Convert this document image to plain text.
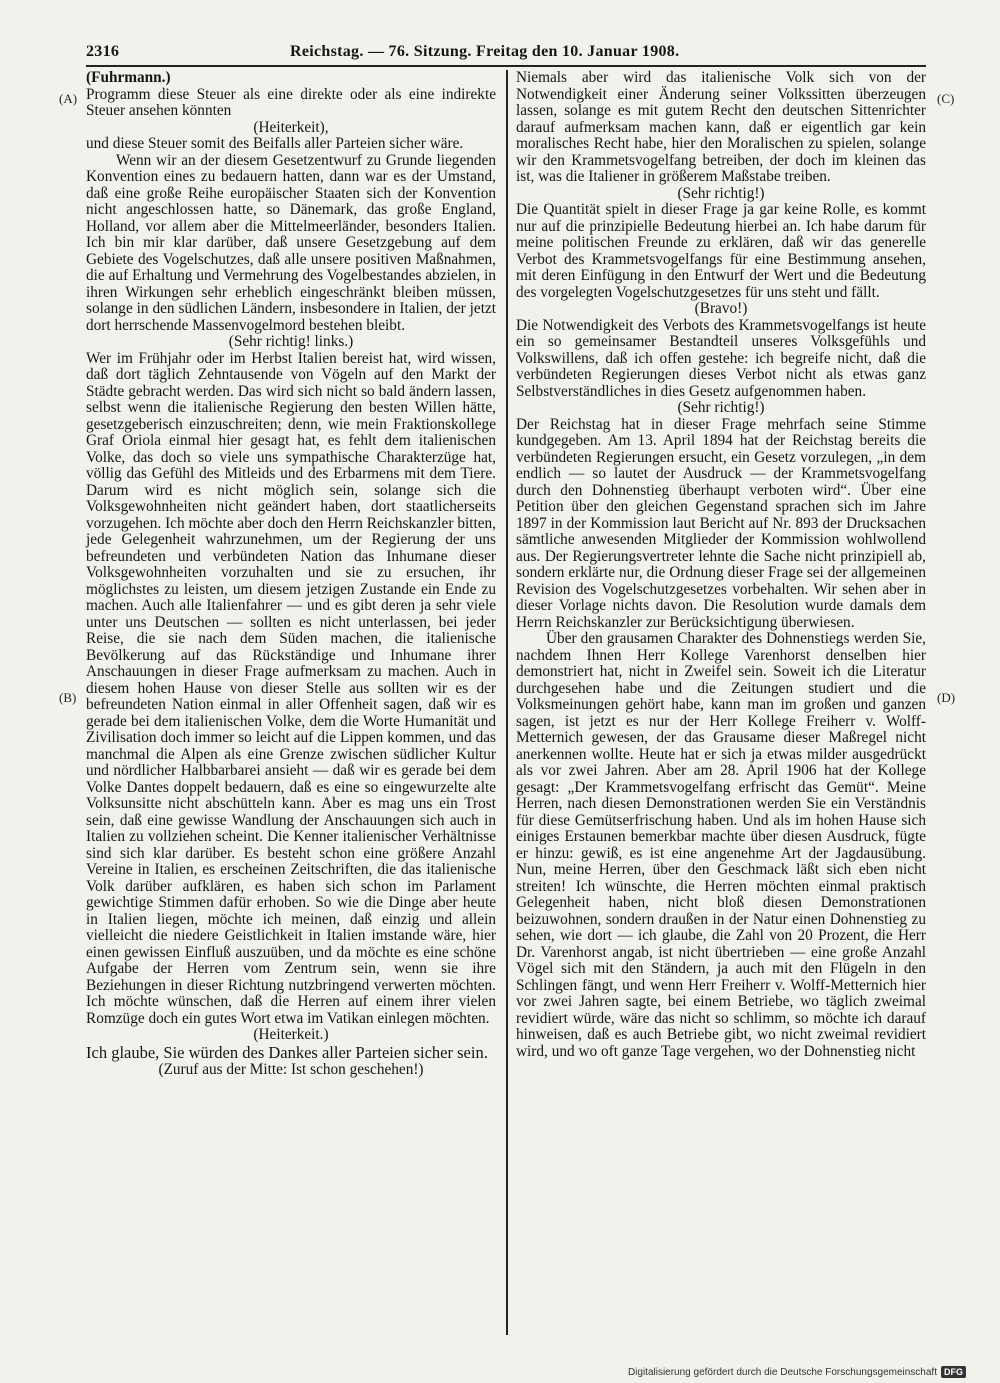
2316	Reichstag. — 76. Sitzung. Freitag den 10. Januar 1908.
(A)
(B)
(C)
(D)

(Fuhrmann.)

Programm diese Steuer als eine direkte oder als eine indirekte Steuer ansehen könnten

(Heiterkeit),

und diese Steuer somit des Beifalls aller Parteien sicher wäre.

Wenn wir an der diesem Gesetzentwurf zu Grunde liegenden Konvention eines zu bedauern hatten, dann war es der Umstand, daß eine große Reihe europäischer Staaten sich der Konvention nicht angeschlossen hatte, so Dänemark, das große England, Holland, vor allem aber die Mittelmeerländer, besonders Italien. Ich bin mir klar darüber, daß unsere Gesetzgebung auf dem Gebiete des Vogelschutzes, daß alle unsere positiven Maßnahmen, die auf Erhaltung und Vermehrung des Vogelbestandes abzielen, in ihren Wirkungen sehr erheblich eingeschränkt bleiben müssen, solange in den südlichen Ländern, insbesondere in Italien, der jetzt dort herrschende Massenvogelmord bestehen bleibt.

(Sehr richtig! links.)

Wer im Frühjahr oder im Herbst Italien bereist hat, wird wissen, daß dort täglich Zehntausende von Vögeln auf den Markt der Städte gebracht werden. Das wird sich nicht so bald ändern lassen, selbst wenn die italienische Regierung den besten Willen hätte, gesetzgeberisch einzuschreiten; denn, wie mein Fraktionskollege Graf Oriola einmal hier gesagt hat, es fehlt dem italienischen Volke, das doch so viele uns sympathische Charakterzüge hat, völlig das Gefühl des Mitleids und des Erbarmens mit dem Tiere. Darum wird es nicht möglich sein, solange sich die Volksgewohnheiten nicht geändert haben, dort staatlicherseits vorzugehen. Ich möchte aber doch den Herrn Reichskanzler bitten, jede Gelegenheit wahrzunehmen, um der Regierung der uns befreundeten und verbündeten Nation das Inhumane dieser Volksgewohnheiten vorzuhalten und sie zu ersuchen, ihr möglichstes zu leisten, um diesem jetzigen Zustande ein Ende zu machen. Auch alle Italienfahrer — und es gibt deren ja sehr viele unter uns Deutschen — sollten es nicht unterlassen, bei jeder Reise, die sie nach dem Süden machen, die italienische Bevölkerung auf das Rückständige und Inhumane ihrer Anschauungen in dieser Frage aufmerksam zu machen. Auch in diesem hohen Hause von dieser Stelle aus sollten wir es der befreundeten Nation einmal in aller Offenheit sagen, daß wir es gerade bei dem italienischen Volke, dem die Worte Humanität und Zivilisation doch immer so leicht auf die Lippen kommen, und das manchmal die Alpen als eine Grenze zwischen südlicher Kultur und nördlicher Halbbarbarei ansieht — daß wir es gerade bei dem Volke Dantes doppelt bedauern, daß es eine so eingewurzelte alte Volksunsitte nicht abschütteln kann. Aber es mag uns ein Trost sein, daß eine gewisse Wandlung der Anschauungen sich auch in Italien zu vollziehen scheint. Die Kenner italienischer Verhältnisse sind sich klar darüber. Es besteht schon eine größere Anzahl Vereine in Italien, es erscheinen Zeitschriften, die das italienische Volk darüber aufklären, es haben sich schon im Parlament gewichtige Stimmen dafür erhoben. So wie die Dinge aber heute in Italien liegen, möchte ich meinen, daß einzig und allein vielleicht die niedere Geistlichkeit in Italien imstande wäre, hier einen gewissen Einfluß auszuüben, und da möchte es eine schöne Aufgabe der Herren vom Zentrum sein, wenn sie ihre Beziehungen in dieser Richtung nutzbringend verwerten möchten. Ich möchte wünschen, daß die Herren auf einem ihrer vielen Romzüge doch ein gutes Wort etwa im Vatikan einlegen möchten.

(Heiterkeit.)

Ich glaube, Sie würden des Dankes aller Parteien sicher sein.

(Zuruf aus der Mitte: Ist schon geschehen!)

Niemals aber wird das italienische Volk sich von der Notwendigkeit einer Änderung seiner Volkssitten überzeugen lassen, solange es mit gutem Recht den deutschen Sittenrichter darauf aufmerksam machen kann, daß er eigentlich gar kein moralisches Recht habe, hier den Moralischen zu spielen, solange wir den Krammetsvogelfang betreiben, der doch im kleinen das ist, was die Italiener in größerem Maßstabe treiben.

(Sehr richtig!)

Die Quantität spielt in dieser Frage ja gar keine Rolle, es kommt nur auf die prinzipielle Bedeutung hierbei an. Ich habe darum für meine politischen Freunde zu erklären, daß wir das generelle Verbot des Krammetsvogelfangs für eine Bestimmung ansehen, mit deren Einfügung in den Entwurf der Wert und die Bedeutung des vorgelegten Vogelschutzgesetzes für uns steht und fällt.

(Bravo!)

Die Notwendigkeit des Verbots des Krammetsvogelfangs ist heute ein so gemeinsamer Bestandteil unseres Volksgefühls und Volkswillens, daß ich offen gestehe: ich begreife nicht, daß die verbündeten Regierungen dieses Verbot nicht als etwas ganz Selbstverständliches in dies Gesetz aufgenommen haben.

(Sehr richtig!)

Der Reichstag hat in dieser Frage mehrfach seine Stimme kundgegeben. Am 13. April 1894 hat der Reichstag bereits die verbündeten Regierungen ersucht, ein Gesetz vorzulegen, „in dem endlich — so lautet der Ausdruck — der Krammetsvogelfang durch den Dohnenstieg überhaupt verboten wird“. Über eine Petition über den gleichen Gegenstand sprachen sich im Jahre 1897 in der Kommission laut Bericht auf Nr. 893 der Drucksachen sämtliche anwesenden Mitglieder der Kommission wohlwollend aus. Der Regierungsvertreter lehnte die Sache nicht prinzipiell ab, sondern erklärte nur, die Ordnung dieser Frage sei der allgemeinen Revision des Vogelschutzgesetzes vorbehalten. Wir sehen aber in dieser Vorlage nichts davon. Die Resolution wurde damals dem Herrn Reichskanzler zur Berücksichtigung überwiesen.

Über den grausamen Charakter des Dohnenstiegs werden Sie, nachdem Ihnen Herr Kollege Varenhorst denselben hier demonstriert hat, nicht in Zweifel sein. Soweit ich die Literatur durchgesehen habe und die Zeitungen studiert und die Volksmeinungen gehört habe, kann man im großen und ganzen sagen, ist jetzt es nur der Herr Kollege Freiherr v. Wolff-Metternich gewesen, der das Grausame dieser Maßregel nicht anerkennen wollte. Heute hat er sich ja etwas milder ausgedrückt als vor zwei Jahren. Aber am 28. April 1906 hat der Kollege gesagt: „Der Krammetsvogelfang erfrischt das Gemüt“. Meine Herren, nach diesen Demonstrationen werden Sie ein Verständnis für diese Gemütserfrischung haben. Und als im hohen Hause sich einiges Erstaunen bemerkbar machte über diesen Ausdruck, fügte er hinzu: gewiß, es ist eine angenehme Art der Jagdausübung. Nun, meine Herren, über den Geschmack läßt sich eben nicht streiten! Ich wünschte, die Herren möchten einmal praktisch Gelegenheit haben, nicht bloß diesen Demonstrationen beizuwohnen, sondern draußen in der Natur einen Dohnenstieg zu sehen, wie dort — ich glaube, die Zahl von 20 Prozent, die Herr Dr. Varenhorst angab, ist nicht übertrieben — eine große Anzahl Vögel sich mit den Ständern, ja auch mit den Flügeln in den Schlingen fängt, und wenn Herr Freiherr v. Wolff-Metternich hier vor zwei Jahren sagte, bei einem Betriebe, wo täglich zweimal revidiert würde, wäre das nicht so schlimm, so möchte ich darauf hinweisen, daß es auch Betriebe gibt, wo nicht zweimal revidiert wird, und wo oft ganze Tage vergehen, wo der Dohnenstieg nicht

Digitalisierung gefördert durch die Deutsche Forschungsgemeinschaft DFG
